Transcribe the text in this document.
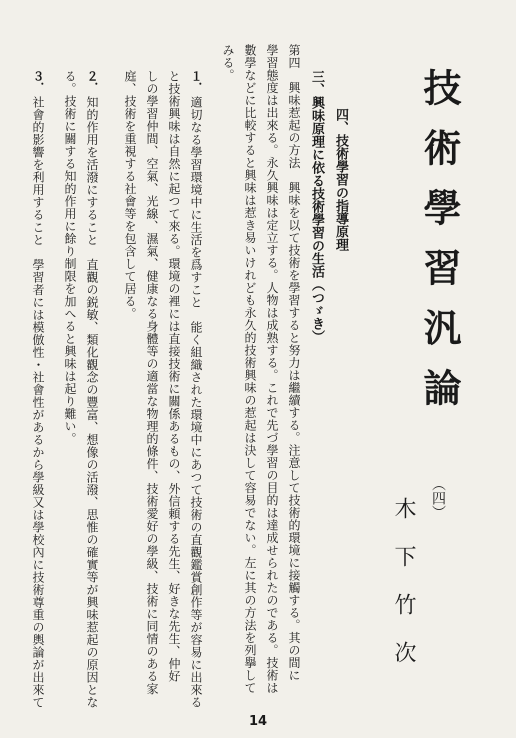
技術學習汎論
（四）
木下竹次
四、技術學習の指導原理
三、興味原理に依る技術學習の生活（つゞき）
第四　興味惹起の方法　興味を以て技術を學習すると努力は繼續する。注意して技術的環境に接觸する。其の間に
學習態度は出來る。永久興味は定立する。人物は成熟する。これで先づ學習の目的は達成せられたのである。技術は
數學などに比較すると興味は惹き易いけれども永久的技術興味の惹起は決して容易でない。左に其の方法を列擧して
みる。
１．
適切なる學習環境中に生活を爲すこと　能く組織された環境中にあつて技術の直觀鑑賞創作等が容易に出來る
と技術興味は自然に起つて來る。環境の裡には直接技術に關係あるもの、外信頼する先生、好きな先生、仲好
しの學習仲間、空氣、光線、濕氣、健康なる身體等の適當な物理的條件、技術愛好の學級、技術に同情のある家
庭、技術を重視する社會等を包含して居る。
２．
知的作用を活潑にすること　直觀の鋭敏、類化觀念の豐富、想像の活潑、思惟の確實等が興味惹起の原因とな
る。技術に關する知的作用に餘り制限を加へると興味は起り難い。
３．
社會的影響を利用すること　學習者には模倣性・社會性があるから學級又は學校內に技術尊重の輿論が出來て
14
